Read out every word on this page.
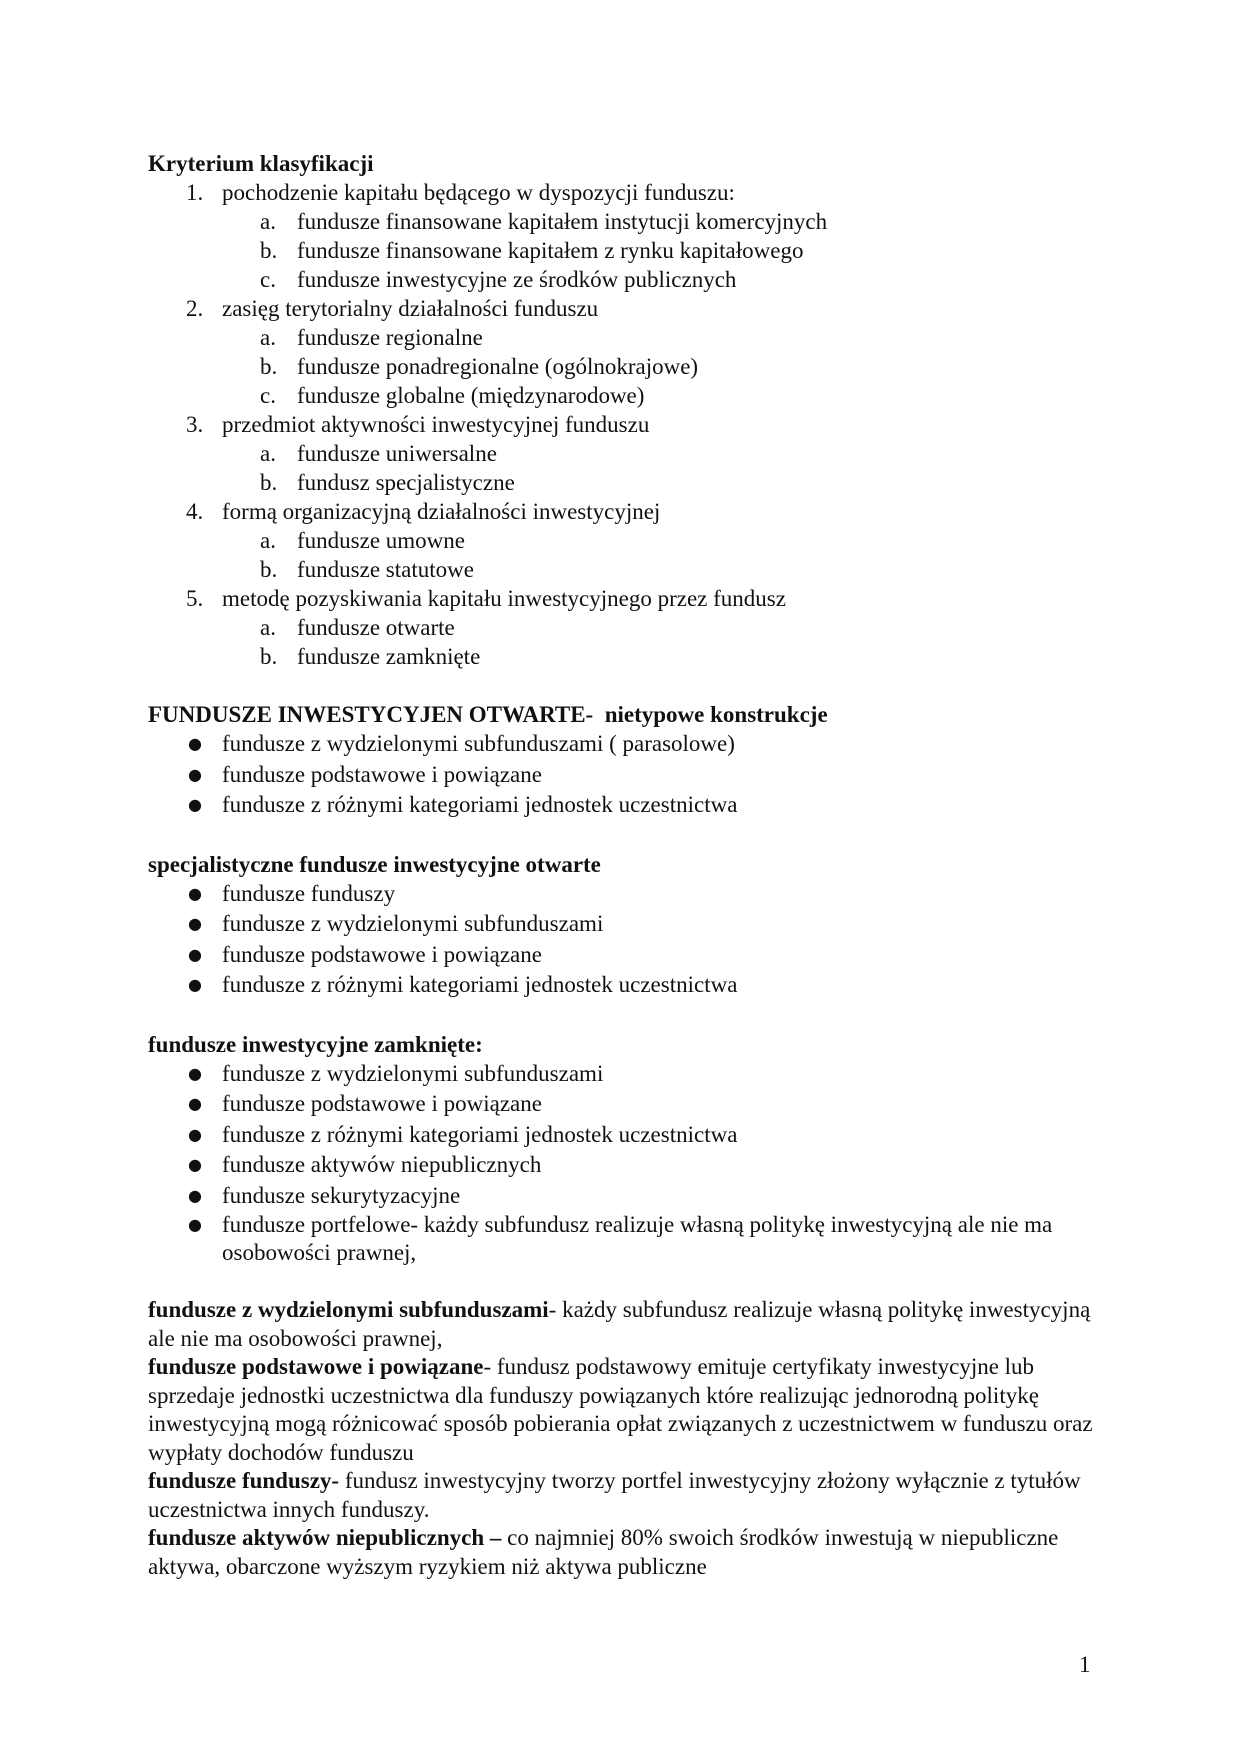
Kryterium klasyfikacji
1. pochodzenie kapitału będącego w dyspozycji funduszu:
a. fundusze finansowane kapitałem instytucji komercyjnych
b. fundusze finansowane kapitałem z rynku kapitałowego
c. fundusze inwestycyjne ze środków publicznych
2. zasięg terytorialny działalności funduszu
a. fundusze regionalne
b. fundusze ponadregionalne (ogólnokrajowe)
c. fundusze globalne (międzynarodowe)
3. przedmiot aktywności inwestycyjnej funduszu
a. fundusze uniwersalne
b. fundusz specjalistyczne
4. formą organizacyjną działalności inwestycyjnej
a. fundusze umowne
b. fundusze statutowe
5. metodę pozyskiwania kapitału inwestycyjnego przez fundusz
a. fundusze otwarte
b. fundusze zamknięte
FUNDUSZE INWESTYCYJEN OTWARTE-  nietypowe konstrukcje
● fundusze z wydzielonymi subfunduszami ( parasolowe)
● fundusze podstawowe i powiązane
● fundusze z różnymi kategoriami jednostek uczestnictwa
specjalistyczne fundusze inwestycyjne otwarte
● fundusze funduszy
● fundusze z wydzielonymi subfunduszami
● fundusze podstawowe i powiązane
● fundusze z różnymi kategoriami jednostek uczestnictwa
fundusze inwestycyjne zamknięte:
● fundusze z wydzielonymi subfunduszami
● fundusze podstawowe i powiązane
● fundusze z różnymi kategoriami jednostek uczestnictwa
● fundusze aktywów niepublicznych
● fundusze sekurytyzacyjne
● fundusze portfelowe- każdy subfundusz realizuje własną politykę inwestycyjną ale nie ma osobowości prawnej,
fundusze z wydzielonymi subfunduszami- każdy subfundusz realizuje własną politykę inwestycyjną ale nie ma osobowości prawnej,
fundusze podstawowe i powiązane- fundusz podstawowy emituje certyfikaty inwestycyjne lub sprzedaje jednostki uczestnictwa dla funduszy powiązanych które realizując jednorodną politykę inwestycyjną mogą różnicować sposób pobierania opłat związanych z uczestnictwem w funduszu oraz wypłaty dochodów funduszu
fundusze funduszy- fundusz inwestycyjny tworzy portfel inwestycyjny złożony wyłącznie z tytułów uczestnictwa innych funduszy.
fundusze aktywów niepublicznych – co najmniej 80% swoich środków inwestują w niepubliczne aktywa, obarczone wyższym ryzykiem niż aktywa publiczne
1
